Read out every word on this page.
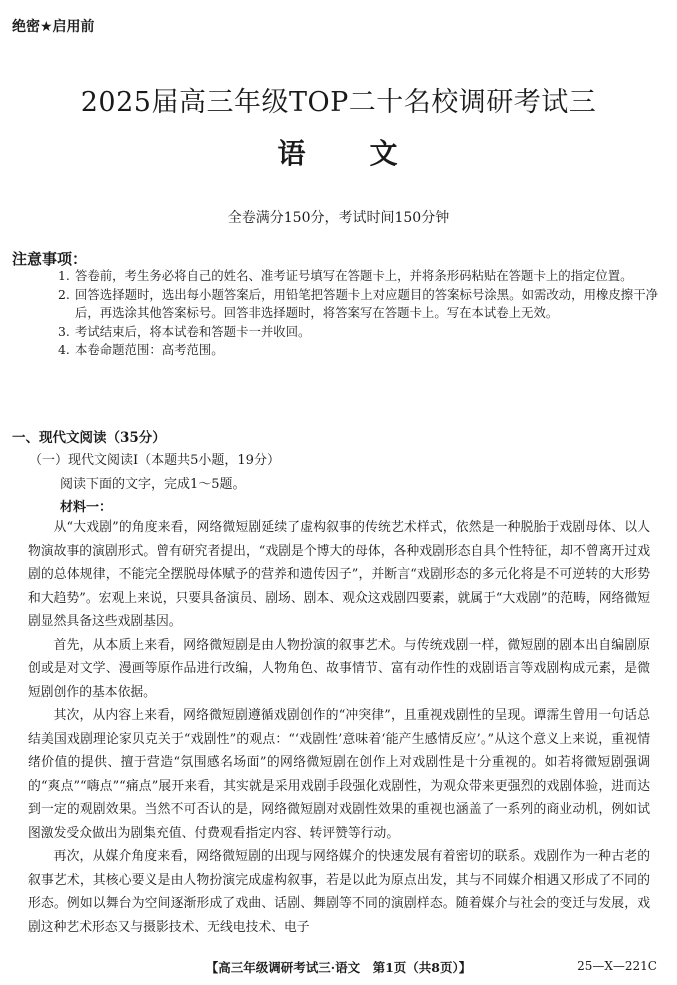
绝密★启用前
2025届高三年级TOP二十名校调研考试三
语 文
全卷满分150分，考试时间150分钟
注意事项：

1. 答卷前，考生务必将自己的姓名、准考证号填写在答题卡上，并将条形码粘贴在答题卡上的指定位置。

2. 回答选择题时，选出每小题答案后，用铅笔把答题卡上对应题目的答案标号涂黑。如需改动，用橡皮擦干净后，再选涂其他答案标号。回答非选择题时，将答案写在答题卡上。写在本试卷上无效。

3. 考试结束后，将本试卷和答题卡一并收回。

4. 本卷命题范围：高考范围。

一、现代文阅读（35分）
（一）现代文阅读Ⅰ（本题共5小题，19分）
阅读下面的文字，完成1～5题。
材料一：

从“大戏剧”的角度来看，网络微短剧延续了虚构叙事的传统艺术样式，依然是一种脱胎于戏剧母体、以人物演故事的演剧形式。曾有研究者提出，“戏剧是个博大的母体，各种戏剧形态自具个性特征，却不曾离开过戏剧的总体规律，不能完全摆脱母体赋予的营养和遗传因子”，并断言“戏剧形态的多元化将是不可逆转的大形势和大趋势”。宏观上来说，只要具备演员、剧场、剧本、观众这戏剧四要素，就属于“大戏剧”的范畴，网络微短剧显然具备这些戏剧基因。

首先，从本质上来看，网络微短剧是由人物扮演的叙事艺术。与传统戏剧一样，微短剧的剧本出自编剧原创或是对文学、漫画等原作品进行改编，人物角色、故事情节、富有动作性的戏剧语言等戏剧构成元素，是微短剧创作的基本依据。

其次，从内容上来看，网络微短剧遵循戏剧创作的“冲突律”，且重视戏剧性的呈现。谭霈生曾用一句话总结美国戏剧理论家贝克关于“戏剧性”的观点：“‘戏剧性’意味着‘能产生感情反应’。”从这个意义上来说，重视情绪价值的提供、擅于营造“氛围感名场面”的网络微短剧在创作上对戏剧性是十分重视的。如若将微短剧强调的“爽点”“嗨点”“痛点”展开来看，其实就是采用戏剧手段强化戏剧性，为观众带来更强烈的戏剧体验，进而达到一定的观剧效果。当然不可否认的是，网络微短剧对戏剧性效果的重视也涵盖了一系列的商业动机，例如试图激发受众做出为剧集充值、付费观看指定内容、转评赞等行动。

再次，从媒介角度来看，网络微短剧的出现与网络媒介的快速发展有着密切的联系。戏剧作为一种古老的叙事艺术，其核心要义是由人物扮演完成虚构叙事，若是以此为原点出发，其与不同媒介相遇又形成了不同的形态。例如以舞台为空间逐渐形成了戏曲、话剧、舞剧等不同的演剧样态。随着媒介与社会的变迁与发展，戏剧这种艺术形态又与摄影技术、无线电技术、电子

【高三年级调研考试三·语文　第1页（共8页）】	25—X—221C
